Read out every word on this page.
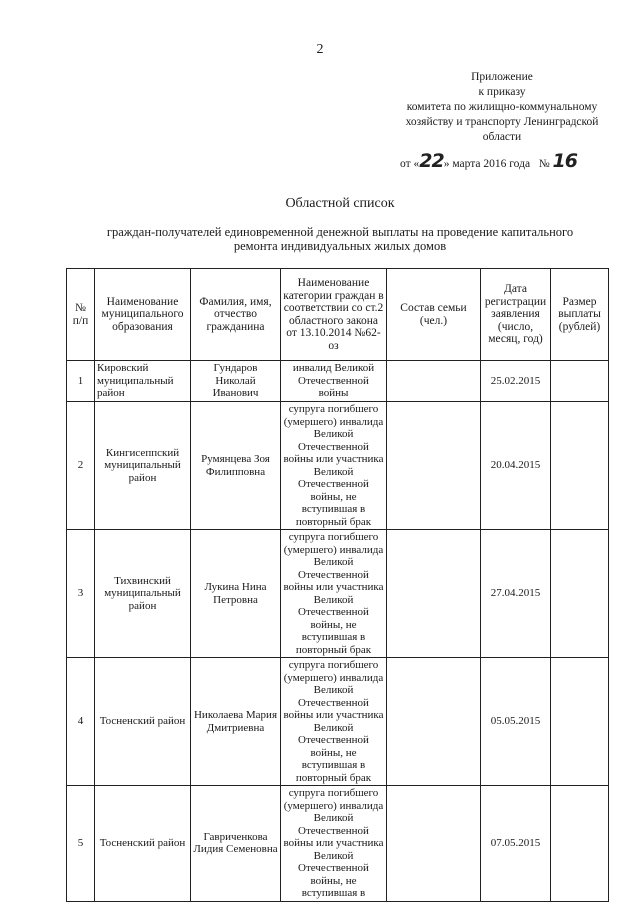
2
Приложение
к приказу
комитета по жилищно-коммунальному хозяйству и транспорту Ленинградской области
от «22» марта 2016 года № 16
Областной список
граждан-получателей единовременной денежной выплаты на проведение капитального ремонта индивидуальных жилых домов
№ п/п	Наименование муниципального образования	Фамилия, имя, отчество гражданина	Наименование категории граждан в соответствии со ст.2 областного закона от 13.10.2014 №62-оз	Состав семьи (чел.)	Дата регистрации заявления (число, месяц, год)	Размер выплаты (рублей)
1	Кировский муниципальный район	Гундаров Николай Иванович	инвалид Великой Отечественной войны		25.02.2015	
2	Кингисеппский муниципальный район	Румянцева Зоя Филипповна	супруга погибшего (умершего) инвалида Великой Отечественной войны или участника Великой Отечественной войны, не вступившая в повторный брак		20.04.2015	
3	Тихвинский муниципальный район	Лукина Нина Петровна	супруга погибшего (умершего) инвалида Великой Отечественной войны или участника Великой Отечественной войны, не вступившая в повторный брак		27.04.2015	
4	Тосненский район	Николаева Мария Дмитриевна	супруга погибшего (умершего) инвалида Великой Отечественной войны или участника Великой Отечественной войны, не вступившая в повторный брак		05.05.2015	
5	Тосненский район	Гавриченкова Лидия Семеновна	супруга погибшего (умершего) инвалида Великой Отечественной войны или участника Великой Отечественной войны, не вступившая в		07.05.2015	
